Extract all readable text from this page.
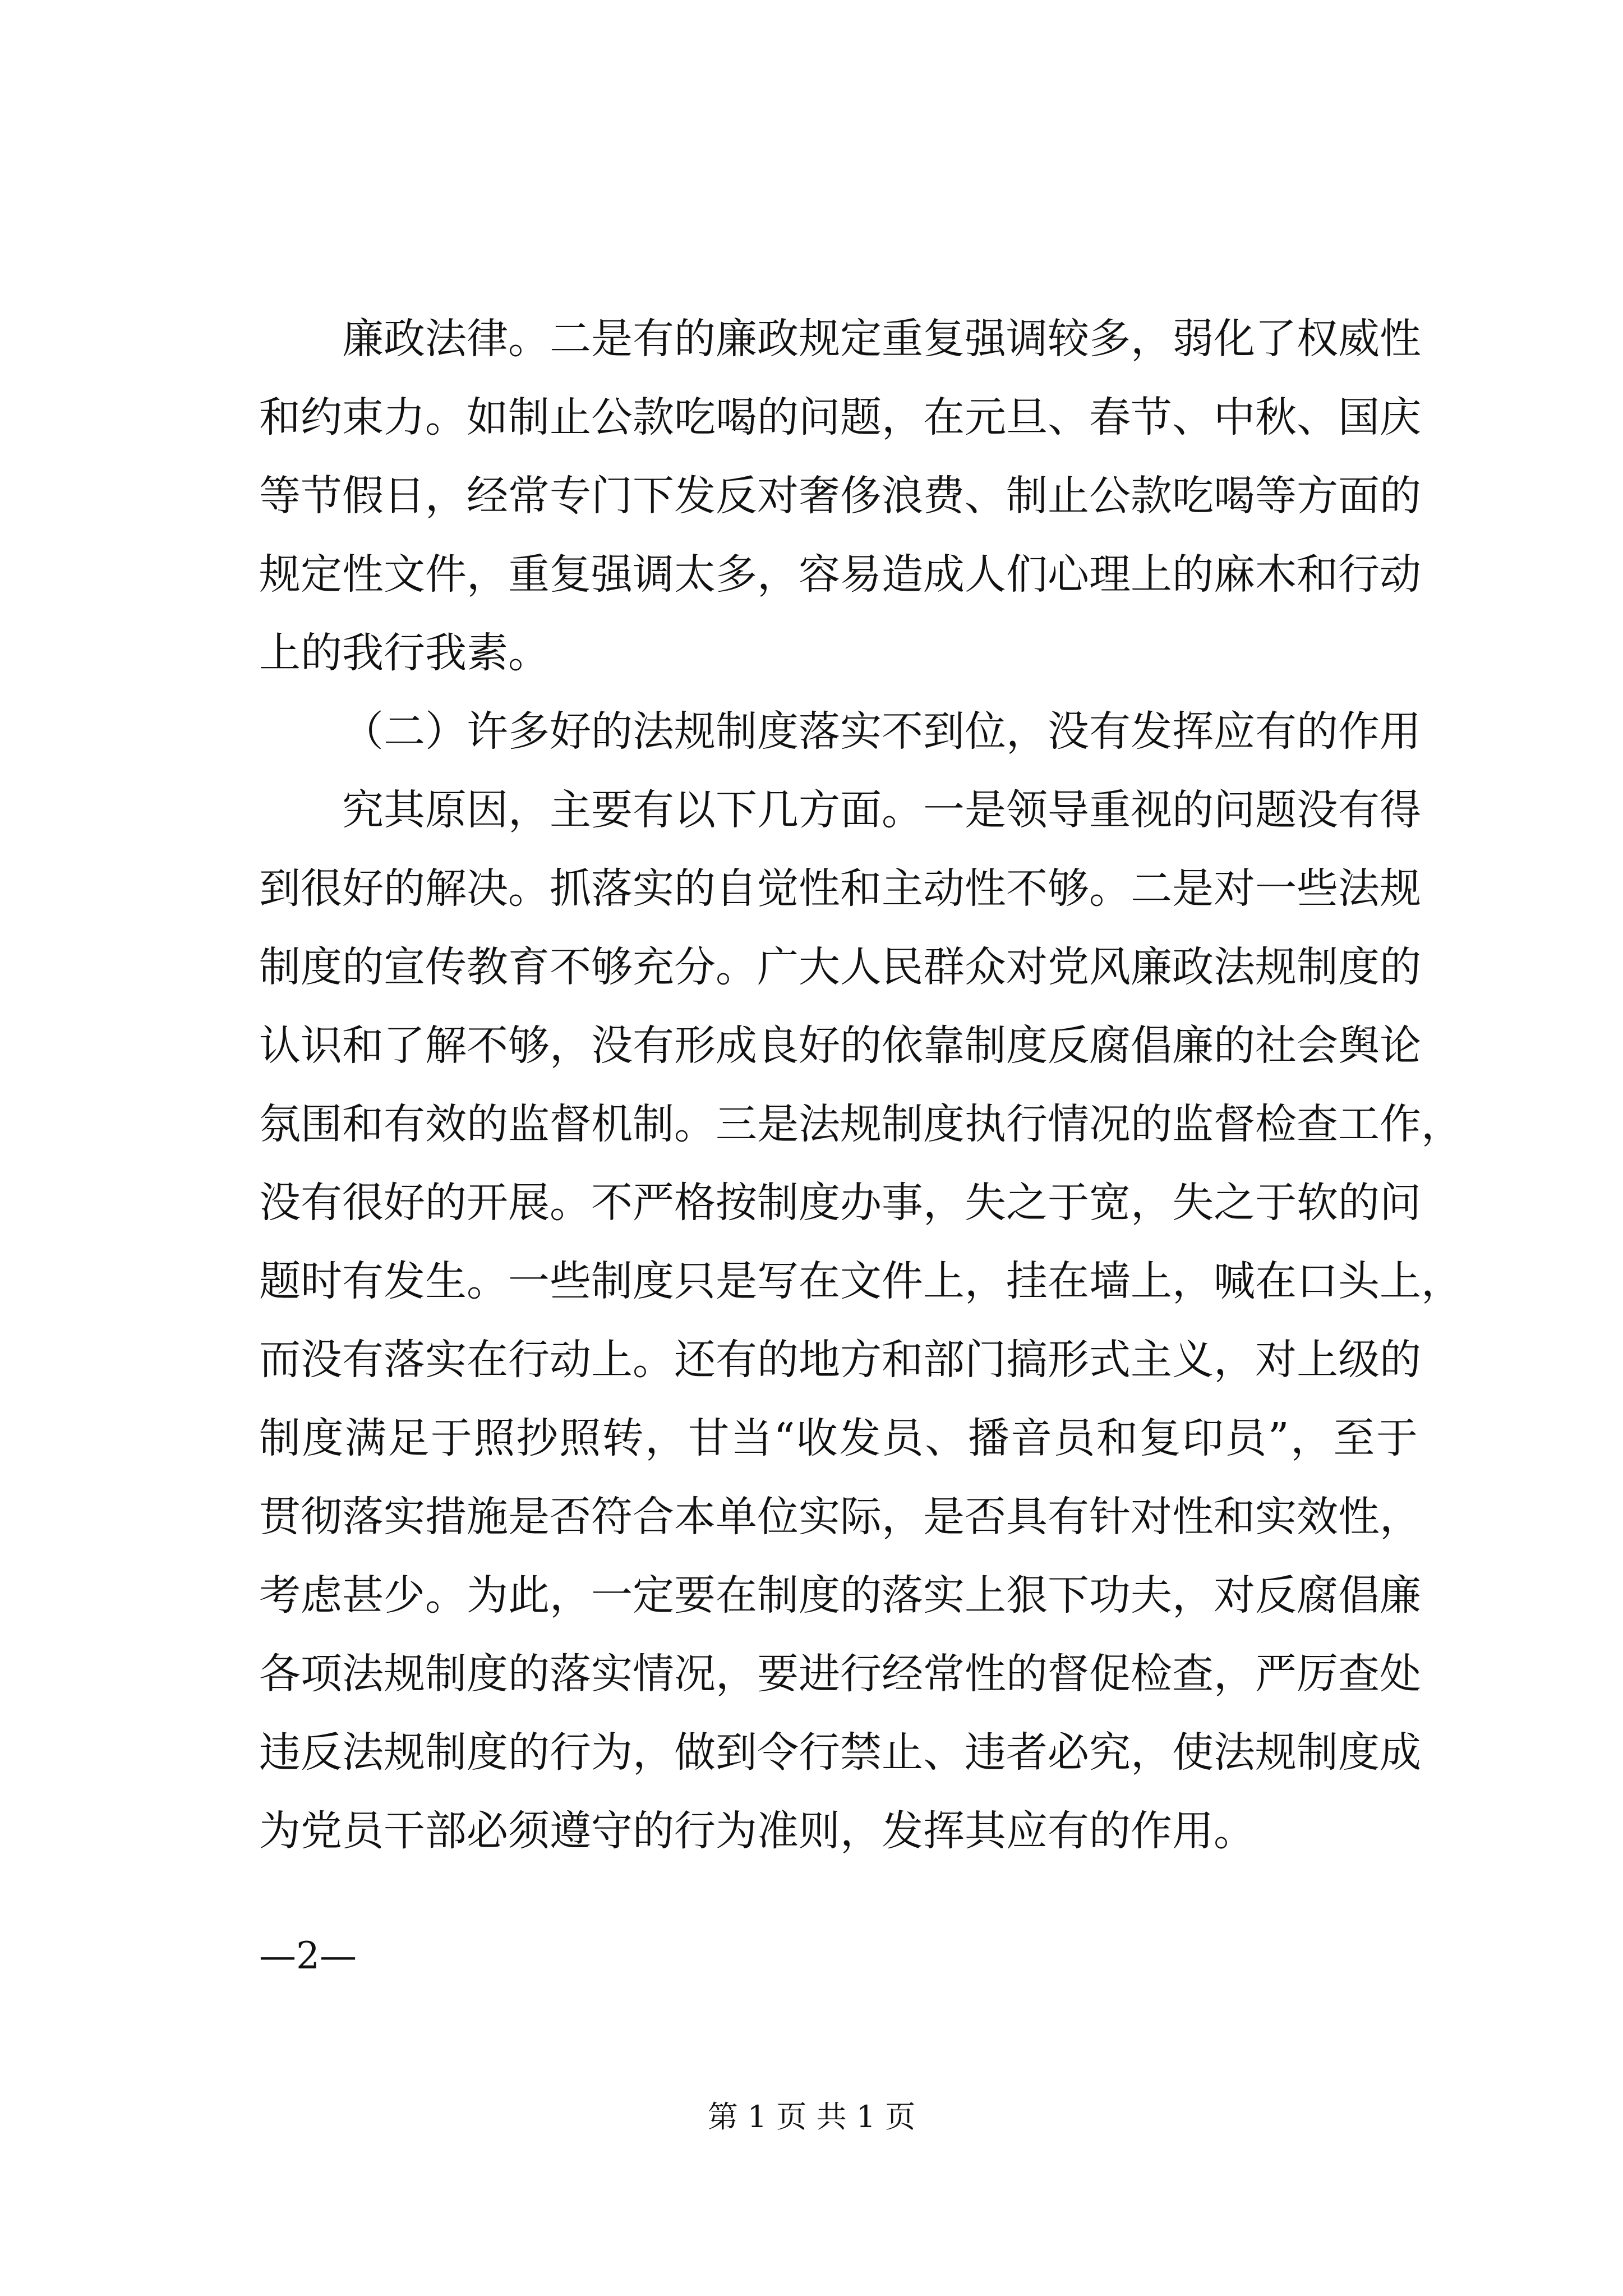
廉政法律。二是有的廉政规定重复强调较多，弱化了权威性
和约束力。如制止公款吃喝的问题，在元旦、春节、中秋、国庆
等节假日，经常专门下发反对奢侈浪费、制止公款吃喝等方面的
规定性文件，重复强调太多，容易造成人们心理上的麻木和行动
上的我行我素。
（二）许多好的法规制度落实不到位，没有发挥应有的作用
究其原因，主要有以下几方面。一是领导重视的问题没有得
到很好的解决。抓落实的自觉性和主动性不够。二是对一些法规
制度的宣传教育不够充分。广大人民群众对党风廉政法规制度的
认识和了解不够，没有形成良好的依靠制度反腐倡廉的社会舆论
氛围和有效的监督机制。三是法规制度执行情况的监督检查工作，
没有很好的开展。不严格按制度办事，失之于宽，失之于软的问
题时有发生。一些制度只是写在文件上，挂在墙上，喊在口头上，
而没有落实在行动上。还有的地方和部门搞形式主义，对上级的
制度满足于照抄照转，甘当“收发员、播音员和复印员”，至于
贯彻落实措施是否符合本单位实际，是否具有针对性和实效性，
考虑甚少。为此，一定要在制度的落实上狠下功夫，对反腐倡廉
各项法规制度的落实情况，要进行经常性的督促检查，严厉查处
违反法规制度的行为，做到令行禁止、违者必究，使法规制度成
为党员干部必须遵守的行为准则，发挥其应有的作用。
—2—
第 1 页 共 1 页
